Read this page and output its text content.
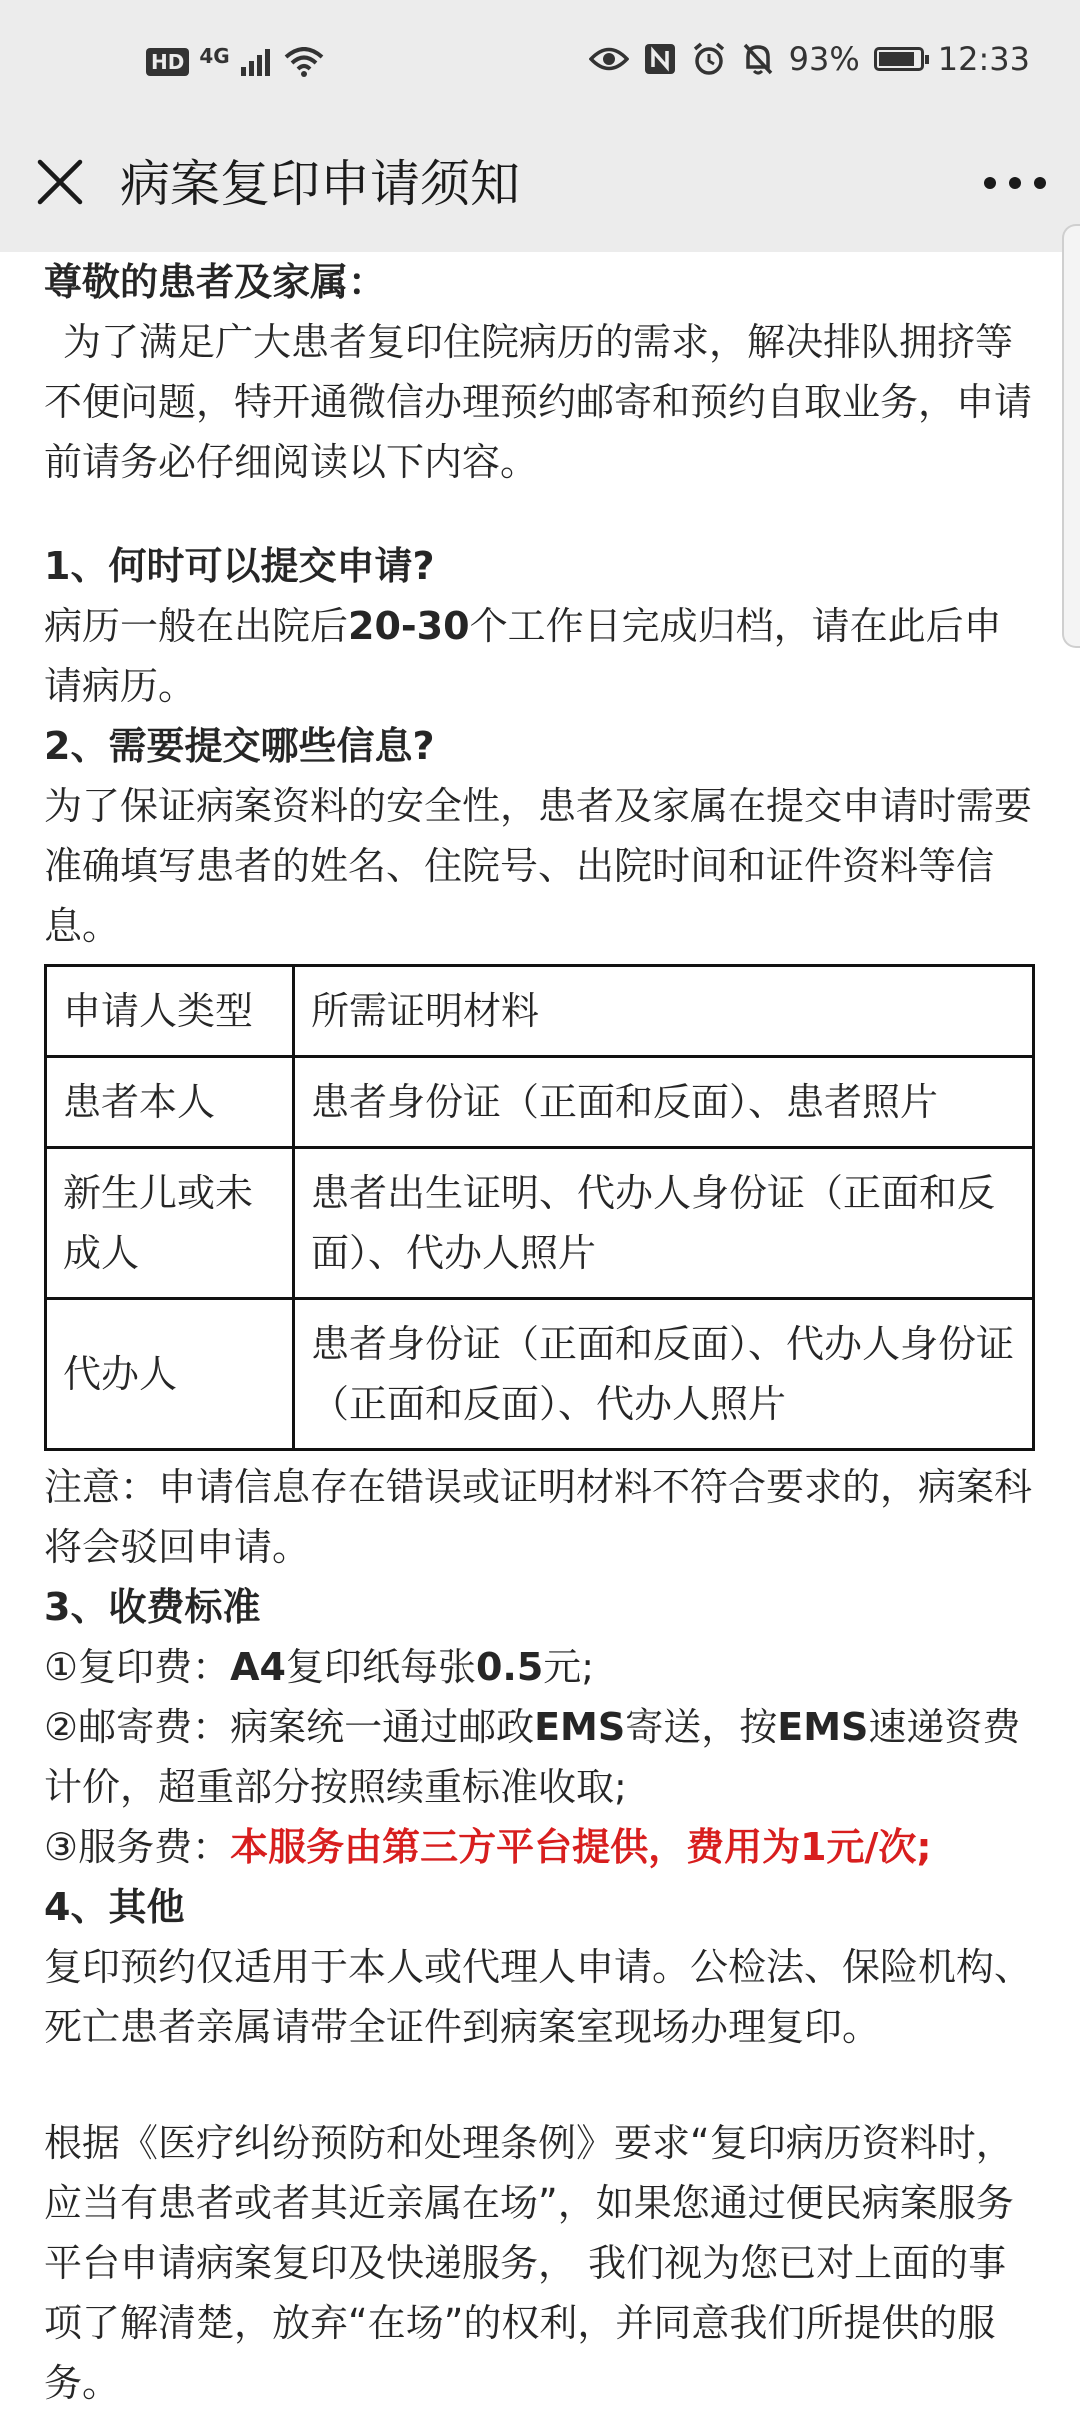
HD 4G	93% 12:33
病案复印申请须知

尊敬的患者及家属：

为了满足广大患者复印住院病历的需求，解决排队拥挤等不便问题，特开通微信办理预约邮寄和预约自取业务，申请前请务必仔细阅读以下内容。

1、何时可以提交申请?

病历一般在出院后20-30个工作日完成归档，请在此后申请病历。

2、需要提交哪些信息?

为了保证病案资料的安全性，患者及家属在提交申请时需要准确填写患者的姓名、住院号、出院时间和证件资料等信息。

申请人类型	所需证明材料
患者本人	患者身份证（正面和反面）、患者照片
新生儿或未成人	患者出生证明、代办人身份证（正面和反面）、代办人照片
代办人	患者身份证（正面和反面）、代办人身份证（正面和反面）、代办人照片

注意：申请信息存在错误或证明材料不符合要求的，病案科将会驳回申请。

3、收费标准

①复印费：A4复印纸每张0.5元;

②邮寄费：病案统一通过邮政EMS寄送，按EMS速递资费计价，超重部分按照续重标准收取;

③服务费：本服务由第三方平台提供，费用为1元/次;

4、其他

复印预约仅适用于本人或代理人申请。公检法、保险机构、死亡患者亲属请带全证件到病案室现场办理复印。

根据《医疗纠纷预防和处理条例》要求“复印病历资料时，应当有患者或者其近亲属在场”，如果您通过便民病案服务平台申请病案复印及快递服务， 我们视为您已对上面的事项了解清楚，放弃“在场”的权利，并同意我们所提供的服务。
